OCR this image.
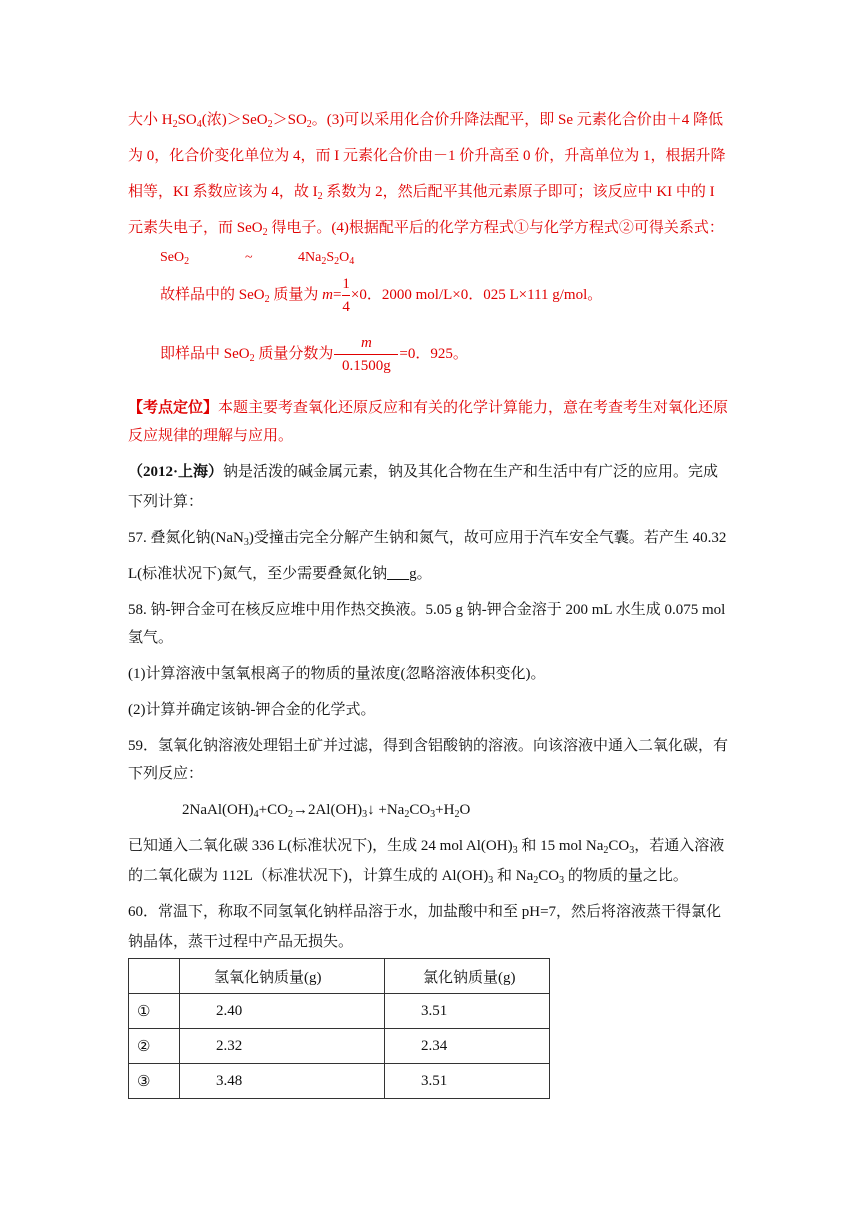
大小 $H_2SO_4$(浓)$>SeO_2>SO_2$。(3)可以采用化合价升降法配平，即 Se 元素化合价由＋4 降低
为 0，化合价变化单位为 4，而 I 元素化合价由－1 价升高至 0 价，升高单位为 1，根据升降
相等，KI 系数应该为 4，故 $I_2$ 系数为 2，然后配平其他元素原子即可；该反应中 KI 中的 I
元素失电子，而 SeO$_2$ 得电子。(4)根据配平后的化学方程式①与化学方程式②可得关系式：
SeO$_2$	~	$4Na_2S_2O_4$
故样品中的 SeO$_2$ 质量为 $m= \frac{1}{4} \times 0$．2000 mol/L×0．025 L×111 g/mol。
即样品中 SeO$_2$ 质量分数为 $\frac{m}{0.1500g} =0$．925。
【考点定位】本题主要考查氧化还原反应和有关的化学计算能力，意在考查考生对氧化还原
反应规律的理解与应用。
（2012·上海）钠是活泼的碱金属元素，钠及其化合物在生产和生活中有广泛的应用。完成
下列计算：
57. 叠氮化钠(NaN$_3$)受撞击完全分解产生钠和氮气，故可应用于汽车安全气囊。若产生 40.32
L(标准状况下)氮气，至少需要叠氮化钠 g。
58. 钠-钾合金可在核反应堆中用作热交换液。5.05 g 钠-钾合金溶于 200 mL 水生成 0.075 mol
氢气。
(1)计算溶液中氢氧根离子的物质的量浓度(忽略溶液体积变化)。
(2)计算并确定该钠-钾合金的化学式。
59．氢氧化钠溶液处理铝土矿并过滤，得到含铝酸钠的溶液。向该溶液中通入二氧化碳，有
下列反应：
$2NaAl(OH)_4+CO_2\to 2Al(OH)_3↓ +Na_2CO_3+H_2O$
已知通入二氧化碳 336 L(标准状况下)，生成 24 mol $Al(OH)_3$ 和 15 mol $Na_2CO_3$，若通入溶液
的二氧化碳为 112L（标准状况下)，计算生成的 $Al(OH)_3$ 和 $Na_2CO_3$ 的物质的量之比。
60．常温下，称取不同氢氧化钠样品溶于水，加盐酸中和至 pH=7，然后将溶液蒸干得氯化
钠晶体，蒸干过程中产品无损失。
	氢氧化钠质量(g)	氯化钠质量(g)
①	2.40	3.51
②	2.32	2.34
③	3.48	3.51
